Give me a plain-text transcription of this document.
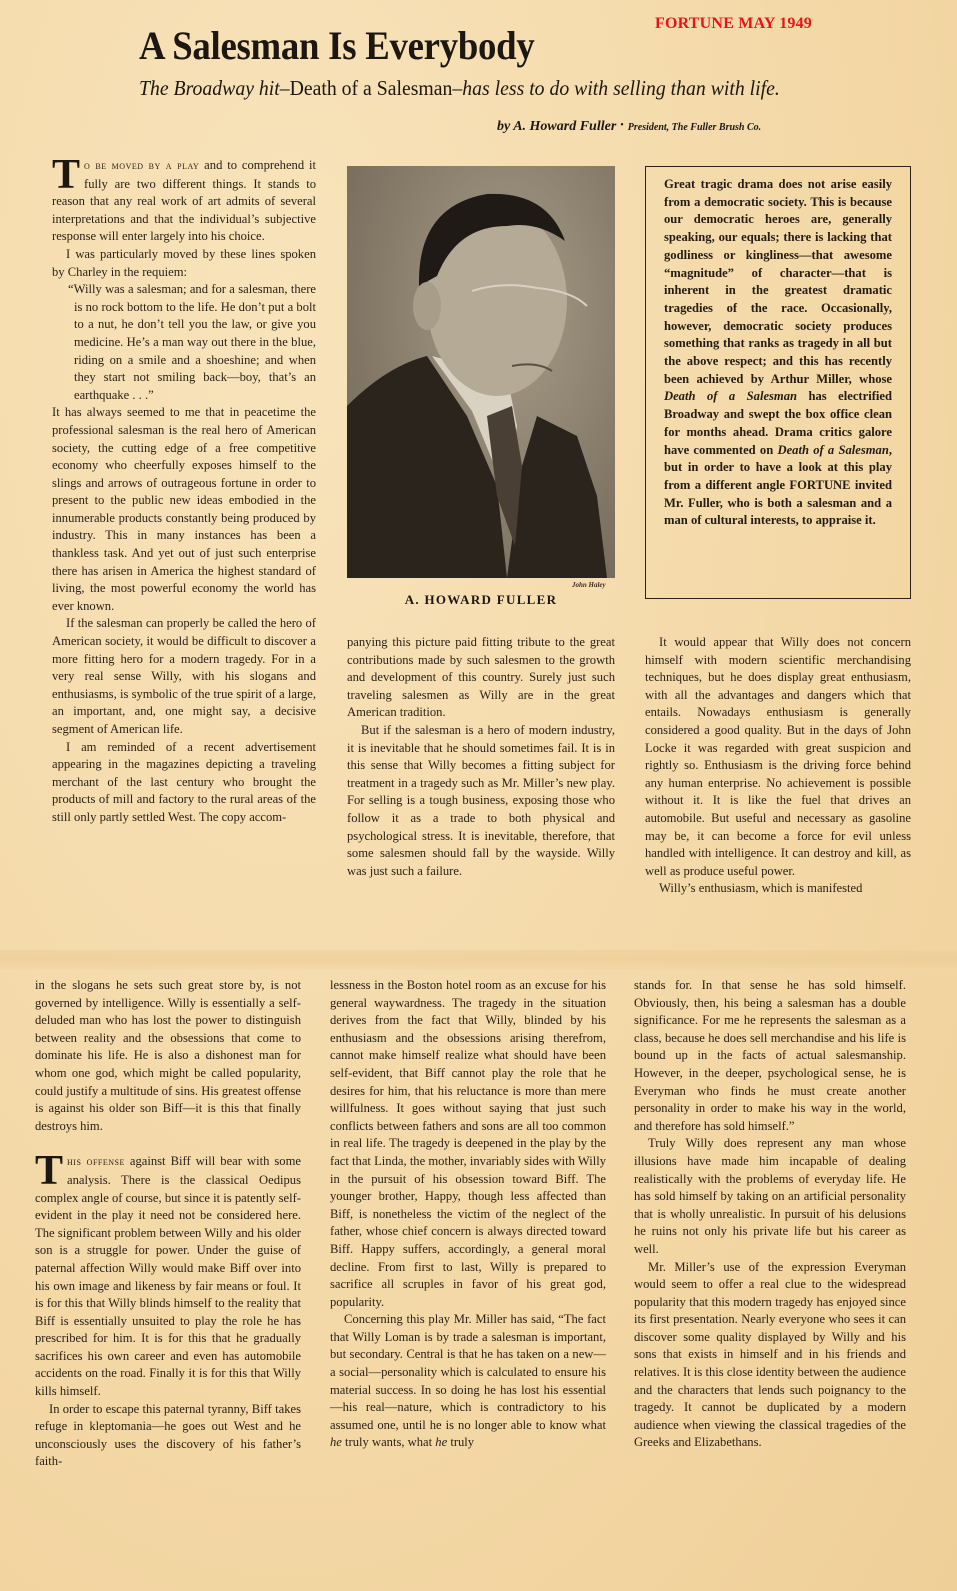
FORTUNE MAY 1949
A Salesman Is Everybody
The Broadway hit–Death of a Salesman–has less to do with selling than with life.
by A. Howard Fuller • President, The Fuller Brush Co.

To be moved by a play and to comprehend it fully are two different things. It stands to reason that any real work of art admits of several interpretations and that the individual’s subjective response will enter largely into his choice.

I was particularly moved by these lines spoken by Charley in the requiem:

“Willy was a salesman; and for a salesman, there is no rock bottom to the life. He don’t put a bolt to a nut, he don’t tell you the law, or give you medicine. He’s a man way out there in the blue, riding on a smile and a shoeshine; and when they start not smiling back—boy, that’s an earthquake . . .”

It has always seemed to me that in peacetime the professional salesman is the real hero of American society, the cutting edge of a free competitive economy who cheerfully exposes himself to the slings and arrows of outrageous fortune in order to present to the public new ideas embodied in the innumerable products constantly being produced by industry. This in many instances has been a thankless task. And yet out of just such enterprise there has arisen in America the highest standard of living, the most powerful economy the world has ever known.

If the salesman can properly be called the hero of American society, it would be difficult to discover a more fitting hero for a modern tragedy. For in a very real sense Willy, with his slogans and enthusiasms, is symbolic of the true spirit of a large, an important, and, one might say, a decisive segment of American life.

I am reminded of a recent advertisement appearing in the magazines depicting a traveling merchant of the last century who brought the products of mill and factory to the rural areas of the still only partly settled West. The copy accom-

John Haley
A. HOWARD FULLER
Great tragic drama does not arise easily from a democratic society. This is because our democratic heroes are, generally speaking, our equals; there is lacking that godliness or kingliness—that awesome “magnitude” of character—that is inherent in the greatest dramatic tragedies of the race. Occasionally, however, democratic society produces something that ranks as tragedy in all but the above respect; and this has recently been achieved by Arthur Miller, whose Death of a Salesman has electrified Broadway and swept the box office clean for months ahead. Drama critics galore have commented on Death of a Salesman, but in order to have a look at this play from a different angle FORTUNE invited Mr. Fuller, who is both a salesman and a man of cultural interests, to appraise it.

panying this picture paid fitting tribute to the great contributions made by such salesmen to the growth and development of this country. Surely just such traveling salesmen as Willy are in the great American tradition.

But if the salesman is a hero of modern industry, it is inevitable that he should sometimes fail. It is in this sense that Willy becomes a fitting subject for treatment in a tragedy such as Mr. Miller’s new play. For selling is a tough business, exposing those who follow it as a trade to both physical and psychological stress. It is inevitable, therefore, that some salesmen should fall by the wayside. Willy was just such a failure.

It would appear that Willy does not concern himself with modern scientific merchandising techniques, but he does display great enthusiasm, with all the advantages and dangers which that entails. Nowadays enthusiasm is generally considered a good quality. But in the days of John Locke it was regarded with great suspicion and rightly so. Enthusiasm is the driving force behind any human enterprise. No achievement is possible without it. It is like the fuel that drives an automobile. But useful and necessary as gasoline may be, it can become a force for evil unless handled with intelligence. It can destroy and kill, as well as produce useful power.

Willy’s enthusiasm, which is manifested

in the slogans he sets such great store by, is not governed by intelligence. Willy is essentially a self-deluded man who has lost the power to distinguish between reality and the obsessions that come to dominate his life. He is also a dishonest man for whom one god, which might be called popularity, could justify a multitude of sins. His greatest offense is against his older son Biff—it is this that finally destroys him.

This offense against Biff will bear with some analysis. There is the classical Oedipus complex angle of course, but since it is patently self-evident in the play it need not be considered here. The significant problem between Willy and his older son is a struggle for power. Under the guise of paternal affection Willy would make Biff over into his own image and likeness by fair means or foul. It is for this that Willy blinds himself to the reality that Biff is essentially unsuited to play the role he has prescribed for him. It is for this that he gradually sacrifices his own career and even has automobile accidents on the road. Finally it is for this that Willy kills himself.

In order to escape this paternal tyranny, Biff takes refuge in kleptomania—he goes out West and he unconsciously uses the discovery of his father’s faith-

lessness in the Boston hotel room as an excuse for his general waywardness. The tragedy in the situation derives from the fact that Willy, blinded by his enthusiasm and the obsessions arising therefrom, cannot make himself realize what should have been self-evident, that Biff cannot play the role that he desires for him, that his reluctance is more than mere willfulness. It goes without saying that just such conflicts between fathers and sons are all too common in real life. The tragedy is deepened in the play by the fact that Linda, the mother, invariably sides with Willy in the pursuit of his obsession toward Biff. The younger brother, Happy, though less affected than Biff, is nonetheless the victim of the neglect of the father, whose chief concern is always directed toward Biff. Happy suffers, accordingly, a general moral decline. From first to last, Willy is prepared to sacrifice all scruples in favor of his great god, popularity.

Concerning this play Mr. Miller has said, “The fact that Willy Loman is by trade a salesman is important, but secondary. Central is that he has taken on a new—a social—personality which is calculated to ensure his material success. In so doing he has lost his essential—his real—nature, which is contradictory to his assumed one, until he is no longer able to know what he truly wants, what he truly

stands for. In that sense he has sold himself. Obviously, then, his being a salesman has a double significance. For me he represents the salesman as a class, because he does sell merchandise and his life is bound up in the facts of actual salesmanship. However, in the deeper, psychological sense, he is Everyman who finds he must create another personality in order to make his way in the world, and therefore has sold himself.”

Truly Willy does represent any man whose illusions have made him incapable of dealing realistically with the problems of everyday life. He has sold himself by taking on an artificial personality that is wholly unrealistic. In pursuit of his delusions he ruins not only his private life but his career as well.

Mr. Miller’s use of the expression Everyman would seem to offer a real clue to the widespread popularity that this modern tragedy has enjoyed since its first presentation. Nearly everyone who sees it can discover some quality displayed by Willy and his sons that exists in himself and in his friends and relatives. It is this close identity between the audience and the characters that lends such poignancy to the tragedy. It cannot be duplicated by a modern audience when viewing the classical tragedies of the Greeks and Elizabethans.
